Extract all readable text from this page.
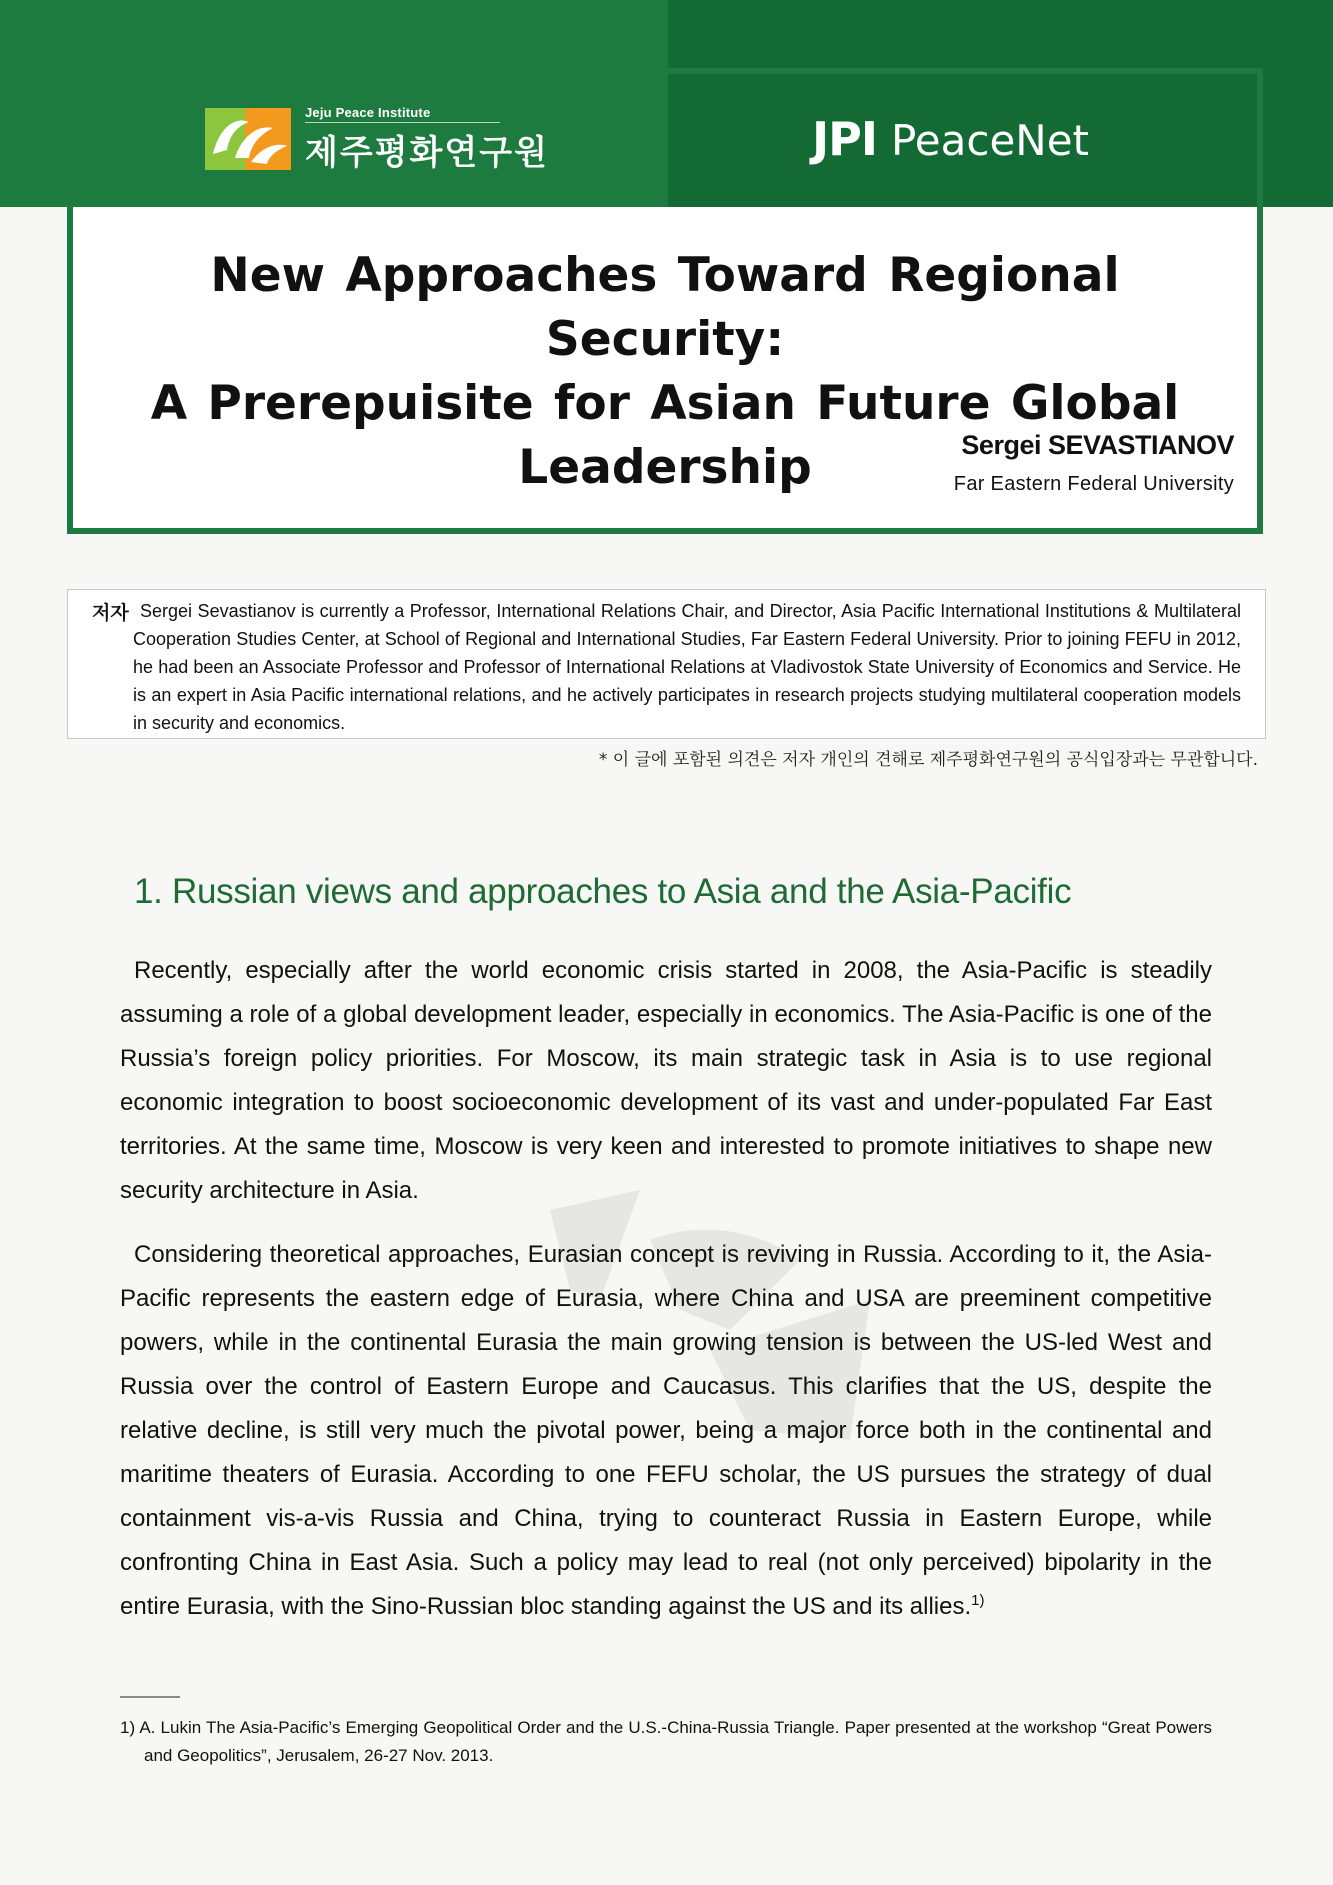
Jeju Peace Institute
제주평화연구원	JPI PeaceNet
New Approaches Toward Regional Security:
A Prerepuisite for Asian Future Global
Leadership	Sergei SEVASTIANOV
Far Eastern Federal University
저자 Sergei Sevastianov is currently a Professor, International Relations Chair, and Director, Asia Pacific International Institutions & Multilateral Cooperation Studies Center, at School of Regional and International Studies, Far Eastern Federal University. Prior to joining FEFU in 2012, he had been an Associate Professor and Professor of International Relations at Vladivostok State University of Economics and Service. He is an expert in Asia Pacific international relations, and he actively participates in research projects studying multilateral cooperation models in security and economics.
* 이 글에 포함된 의견은 저자 개인의 견해로 제주평화연구원의 공식입장과는 무관합니다.
1. Russian views and approaches to Asia and the Asia-Pacific
Recently, especially after the world economic crisis started in 2008, the Asia-Pacific is steadily assuming a role of a global development leader, especially in economics. The Asia-Pacific is one of the Russia’s foreign policy priorities. For Moscow, its main strategic task in Asia is to use regional economic integration to boost socioeconomic development of its vast and under-populated Far East territories. At the same time, Moscow is very keen and interested to promote initiatives to shape new security architecture in Asia.
Considering theoretical approaches, Eurasian concept is reviving in Russia. According to it, the Asia-Pacific represents the eastern edge of Eurasia, where China and USA are preeminent competitive powers, while in the continental Eurasia the main growing tension is between the US-led West and Russia over the control of Eastern Europe and Caucasus. This clarifies that the US, despite the relative decline, is still very much the pivotal power, being a major force both in the continental and maritime theaters of Eurasia. According to one FEFU scholar, the US pursues the strategy of dual containment vis-a-vis Russia and China, trying to counteract Russia in Eastern Europe, while confronting China in East Asia. Such a policy may lead to real (not only perceived) bipolarity in the entire Eurasia, with the Sino-Russian bloc standing against the US and its allies.$^{1)}$
1) A. Lukin The Asia-Pacific’s Emerging Geopolitical Order and the U.S.-China-Russia Triangle. Paper presented at the workshop “Great Powers and Geopolitics”, Jerusalem, 26-27 Nov. 2013.
